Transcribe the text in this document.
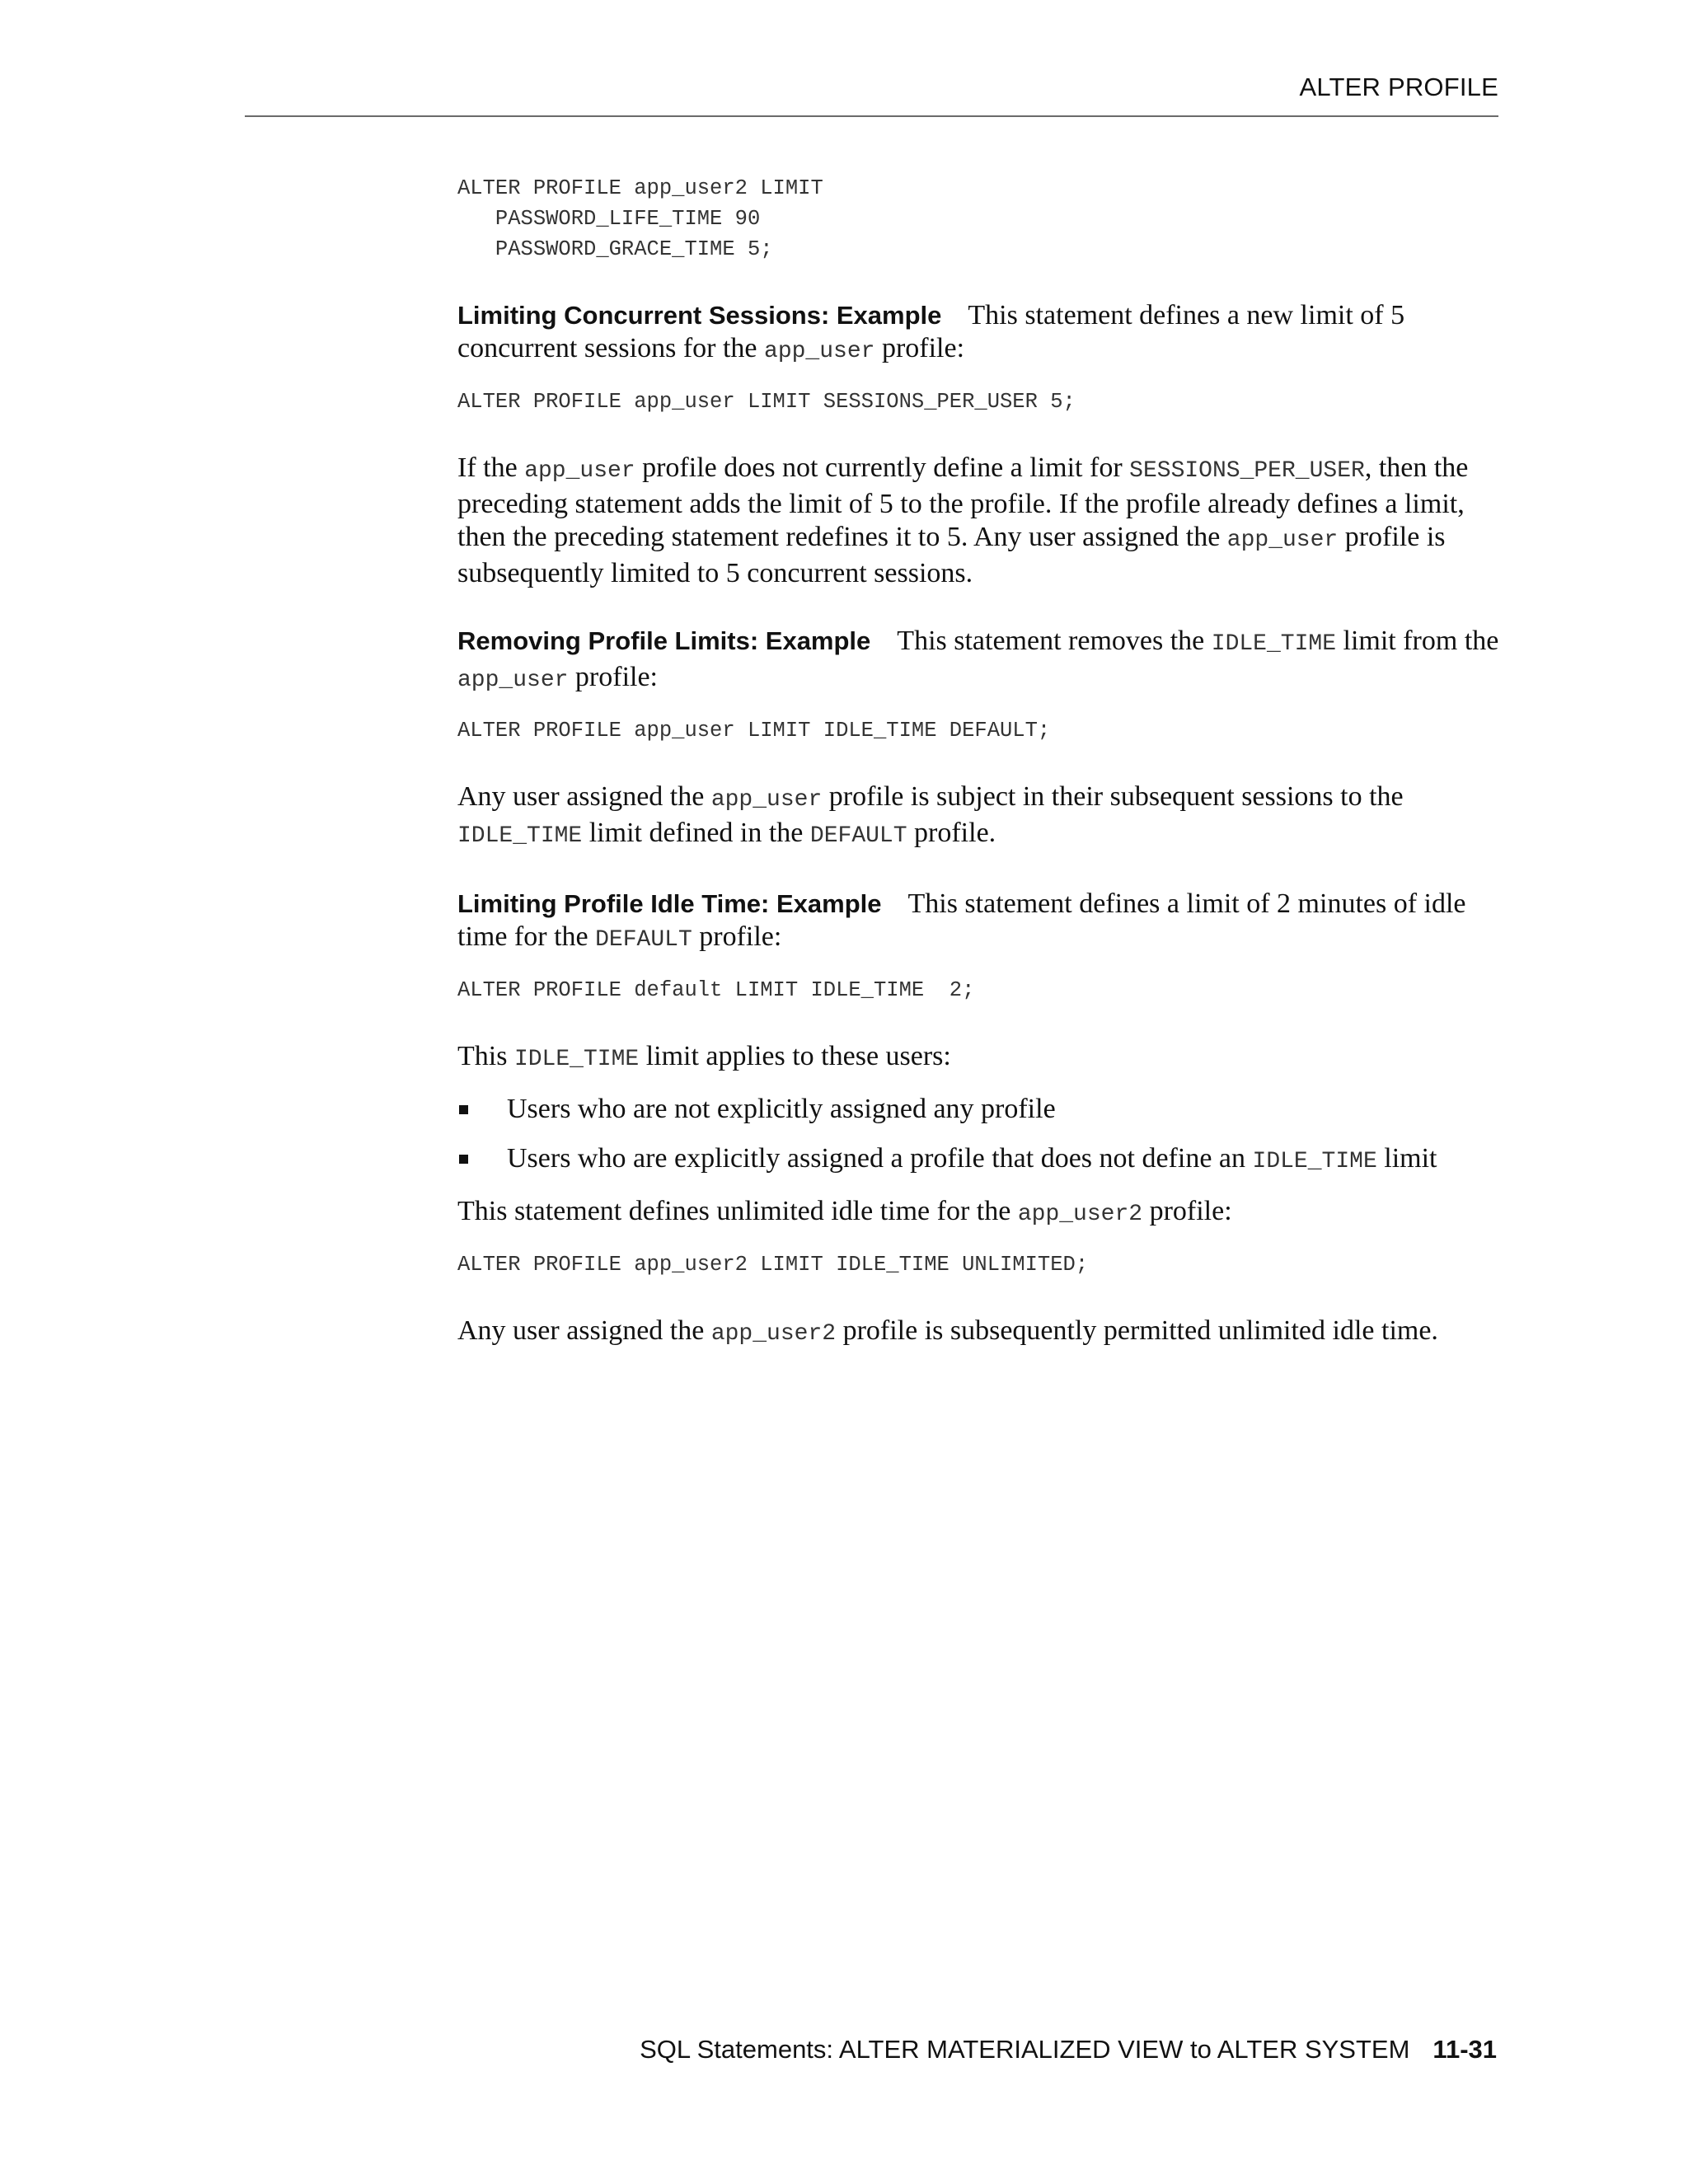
ALTER PROFILE
ALTER PROFILE app_user2 LIMIT
PASSWORD_LIFE_TIME 90
PASSWORD_GRACE_TIME 5;

Limiting Concurrent Sessions: Example This statement defines a new limit of 5 concurrent sessions for the app_user profile:

ALTER PROFILE app_user LIMIT SESSIONS_PER_USER 5;

If the app_user profile does not currently define a limit for SESSIONS_PER_USER, then the preceding statement adds the limit of 5 to the profile. If the profile already defines a limit, then the preceding statement redefines it to 5. Any user assigned the app_user profile is subsequently limited to 5 concurrent sessions.

Removing Profile Limits: Example This statement removes the IDLE_TIME limit from the app_user profile:

ALTER PROFILE app_user LIMIT IDLE_TIME DEFAULT;

Any user assigned the app_user profile is subject in their subsequent sessions to the IDLE_TIME limit defined in the DEFAULT profile.

Limiting Profile Idle Time: Example This statement defines a limit of 2 minutes of idle time for the DEFAULT profile:

ALTER PROFILE default LIMIT IDLE_TIME  2;

This IDLE_TIME limit applies to these users:

Users who are not explicitly assigned any profile
Users who are explicitly assigned a profile that does not define an IDLE_TIME limit

This statement defines unlimited idle time for the app_user2 profile:

ALTER PROFILE app_user2 LIMIT IDLE_TIME UNLIMITED;

Any user assigned the app_user2 profile is subsequently permitted unlimited idle time.

SQL Statements: ALTER MATERIALIZED VIEW to ALTER SYSTEM 11-31
